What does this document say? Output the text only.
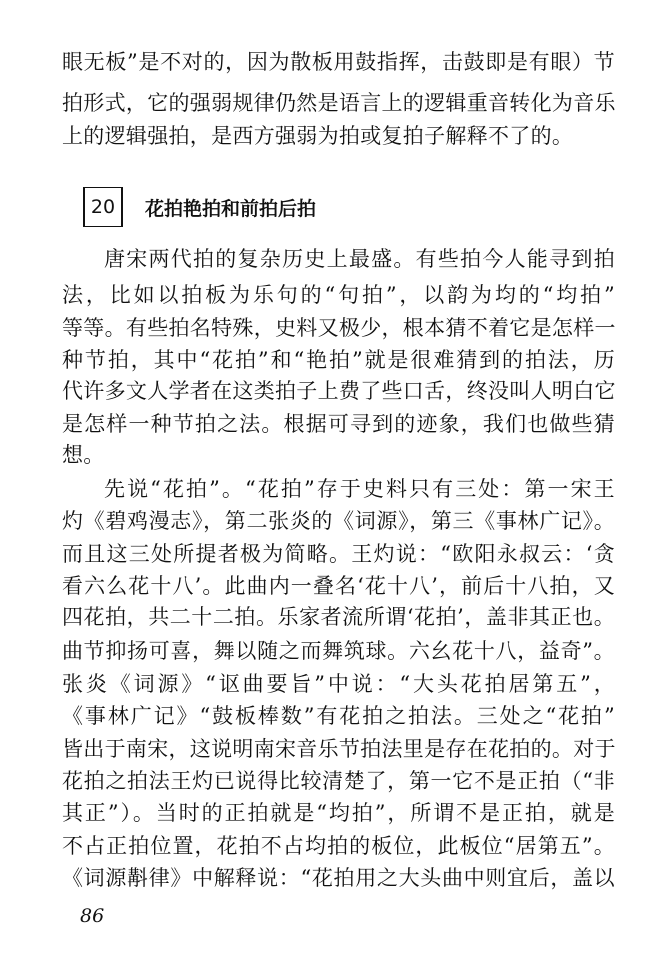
眼无板”是不对的，因为散板用鼓指挥，击鼓即是有眼）节
拍形式，它的强弱规律仍然是语言上的逻辑重音转化为音乐
上的逻辑强拍，是西方强弱为拍或复拍子解释不了的。
20	花拍艳拍和前拍后拍
唐宋两代拍的复杂历史上最盛。有些拍今人能寻到拍
法，比如以拍板为乐句的“句拍”，以韵为均的“均拍”
等等。有些拍名特殊，史料又极少，根本猜不着它是怎样一
种节拍，其中“花拍”和“艳拍”就是很难猜到的拍法，历
代许多文人学者在这类拍子上费了些口舌，终没叫人明白它
是怎样一种节拍之法。根据可寻到的迹象，我们也做些猜
想。
先说“花拍”。“花拍”存于史料只有三处：第一宋王
灼《碧鸡漫志》，第二张炎的《词源》，第三《事林广记》。
而且这三处所提者极为简略。王灼说：“欧阳永叔云：‘贪
看六么花十八’。此曲内一叠名‘花十八’，前后十八拍，又
四花拍，共二十二拍。乐家者流所谓‘花拍’，盖非其正也。
曲节抑扬可喜，舞以随之而舞筑球。六幺花十八，益奇”。
张炎《词源》“讴曲要旨”中说：“大头花拍居第五”，
《事林广记》“鼓板棒数”有花拍之拍法。三处之“花拍”
皆出于南宋，这说明南宋音乐节拍法里是存在花拍的。对于
花拍之拍法王灼已说得比较清楚了，第一它不是正拍（“非
其正”）。当时的正拍就是“均拍”，所谓不是正拍，就是
不占正拍位置，花拍不占均拍的板位，此板位“居第五”。
《词源斠律》中解释说：“花拍用之大头曲中则宜后，盖以
86
